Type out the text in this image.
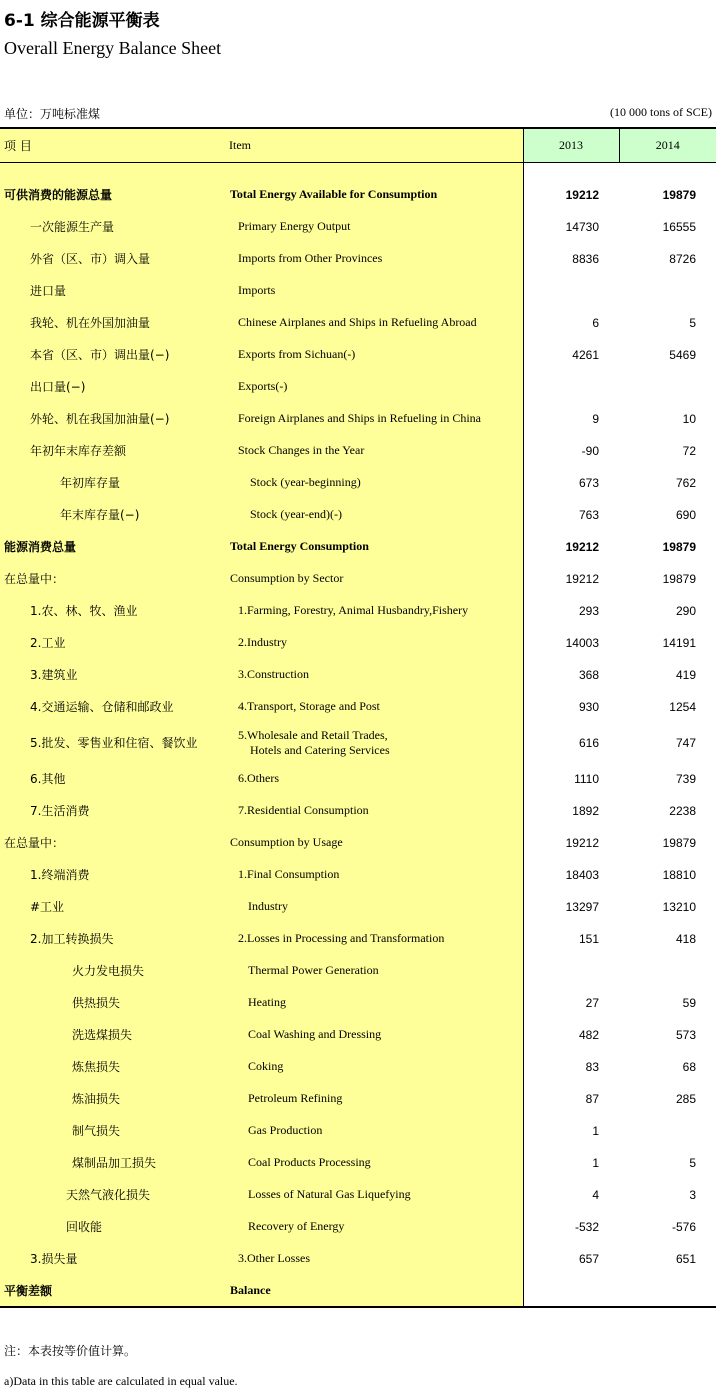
6-1 综合能源平衡表
Overall Energy Balance Sheet
单位：万吨标准煤	(10 000 tons of SCE)
项 目	Item	2013	2014

可供消费的能源总量	Total Energy Available for Consumption	19212	19879
一次能源生产量	Primary Energy Output	14730	16555
外省（区、市）调入量	Imports from Other Provinces	8836	8726
进口量	Imports		
我轮、机在外国加油量	Chinese Airplanes and Ships in Refueling Abroad	6	5
本省（区、市）调出量(−)	Exports from Sichuan(-)	4261	5469
出口量(−)	Exports(-)		
外轮、机在我国加油量(−)	Foreign Airplanes and Ships in Refueling in China	9	10
年初年末库存差额	Stock Changes in the Year	-90	72
年初库存量	Stock (year-beginning)	673	762
年末库存量(−)	Stock (year-end)(-)	763	690
能源消费总量	Total Energy Consumption	19212	19879
在总量中：	Consumption by Sector	19212	19879
1.农、林、牧、渔业	1.Farming, Forestry, Animal Husbandry,Fishery	293	290
2.工业	2.Industry	14003	14191
3.建筑业	3.Construction	368	419
4.交通运输、仓储和邮政业	4.Transport, Storage and Post	930	1254
5.批发、零售业和住宿、餐饮业	5.Wholesale and Retail Trades,
Hotels and Catering Services	616	747
6.其他	6.Others	1110	739
7.生活消费	7.Residential Consumption	1892	2238
在总量中：	Consumption by Usage	19212	19879
1.终端消费	1.Final Consumption	18403	18810
#工业	Industry	13297	13210
2.加工转换损失	2.Losses in Processing and Transformation	151	418
火力发电损失	Thermal Power Generation		
供热损失	Heating	27	59
洗选煤损失	Coal Washing and Dressing	482	573
炼焦损失	Coking	83	68
炼油损失	Petroleum Refining	87	285
制气损失	Gas Production	1	
煤制品加工损失	Coal Products Processing	1	5
天然气液化损失	Losses of Natural Gas Liquefying	4	3
回收能	Recovery of Energy	-532	-576
3.损失量	3.Other Losses	657	651
平衡差额	Balance		
注：本表按等价值计算。
a)Data in this table are calculated in equal value.
